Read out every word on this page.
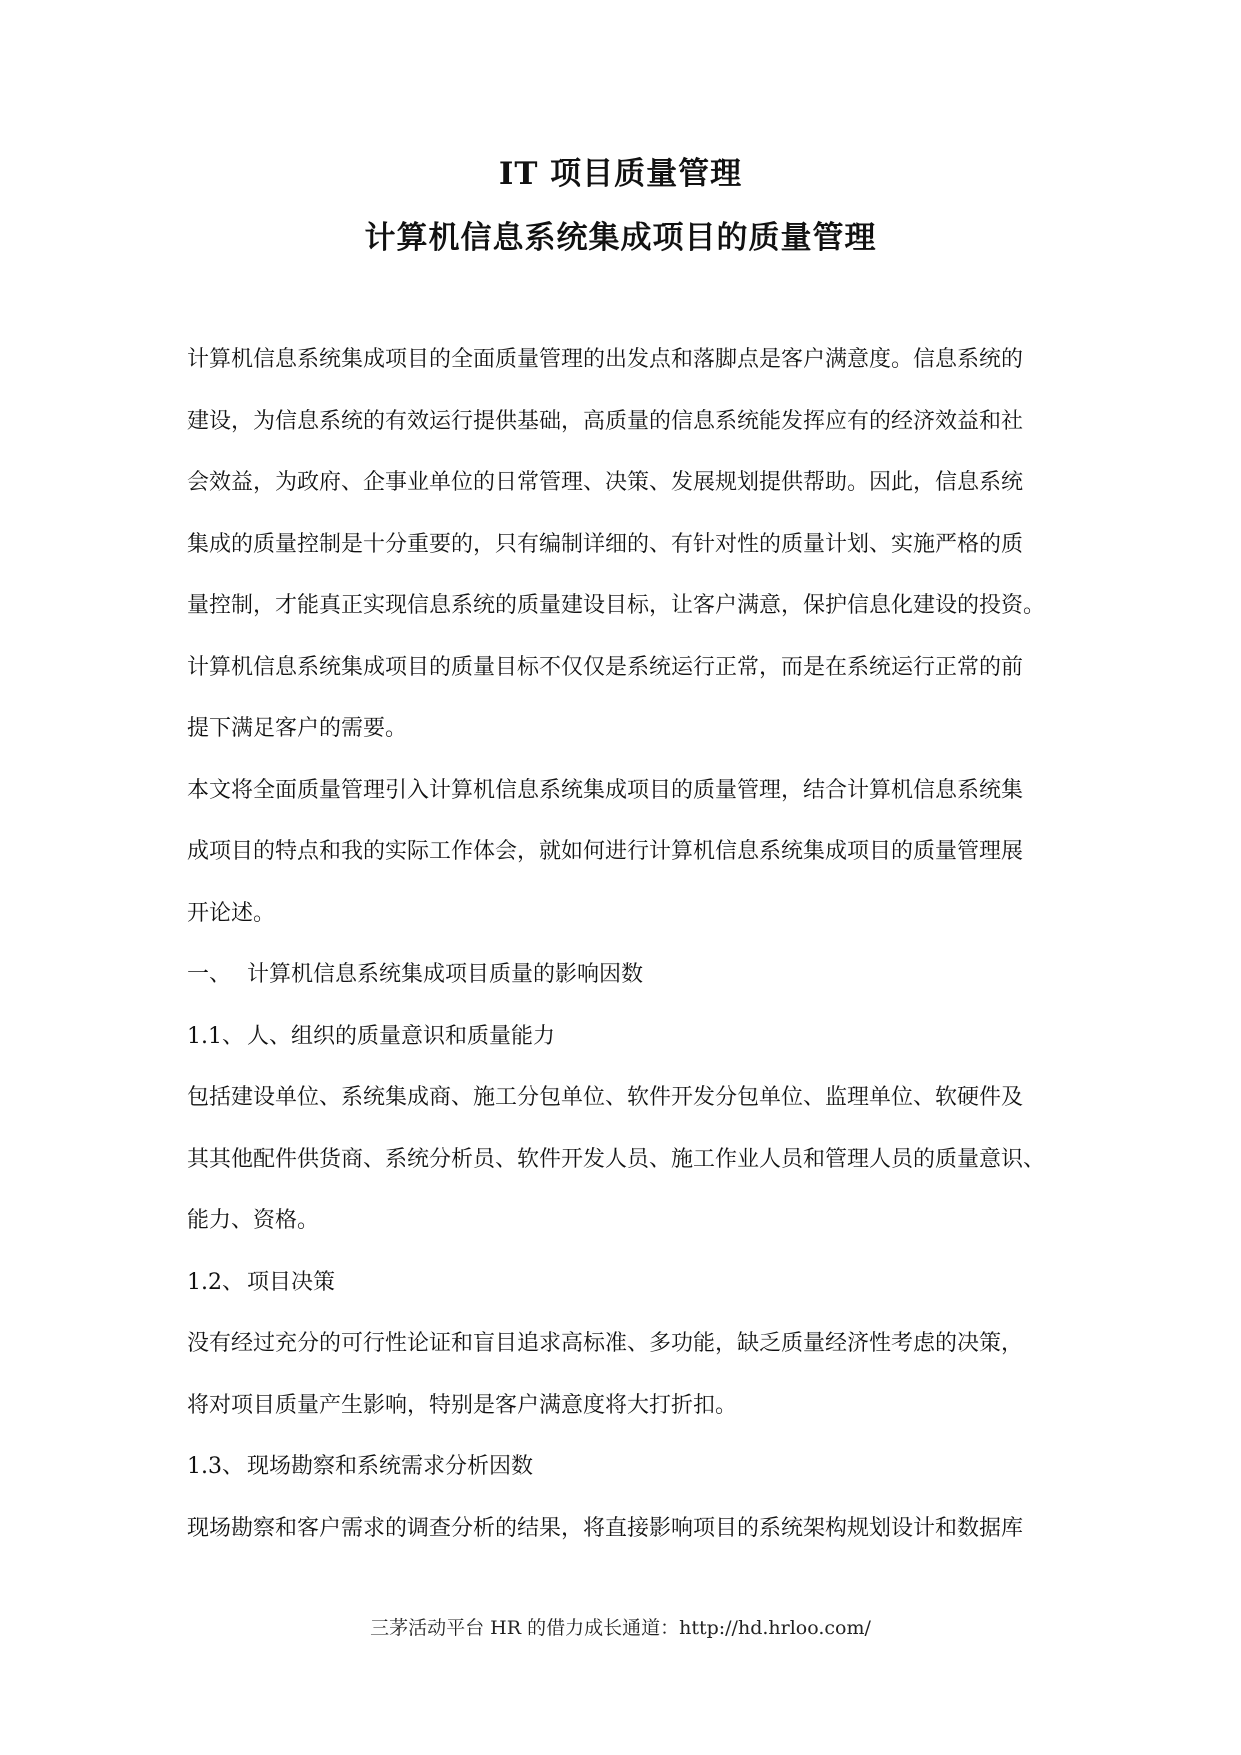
IT 项目质量管理
计算机信息系统集成项目的质量管理
计算机信息系统集成项目的全面质量管理的出发点和落脚点是客户满意度。信息系统的
建设，为信息系统的有效运行提供基础，高质量的信息系统能发挥应有的经济效益和社
会效益，为政府、企事业单位的日常管理、决策、发展规划提供帮助。因此，信息系统
集成的质量控制是十分重要的，只有编制详细的、有针对性的质量计划、实施严格的质
量控制，才能真正实现信息系统的质量建设目标，让客户满意，保护信息化建设的投资。
计算机信息系统集成项目的质量目标不仅仅是系统运行正常，而是在系统运行正常的前
提下满足客户的需要。
本文将全面质量管理引入计算机信息系统集成项目的质量管理，结合计算机信息系统集
成项目的特点和我的实际工作体会，就如何进行计算机信息系统集成项目的质量管理展
开论述。
一、 计算机信息系统集成项目质量的影响因数
1.1、 人、组织的质量意识和质量能力
包括建设单位、系统集成商、施工分包单位、软件开发分包单位、监理单位、软硬件及
其其他配件供货商、系统分析员、软件开发人员、施工作业人员和管理人员的质量意识、
能力、资格。
1.2、 项目决策
没有经过充分的可行性论证和盲目追求高标准、多功能，缺乏质量经济性考虑的决策，
将对项目质量产生影响，特别是客户满意度将大打折扣。
1.3、 现场勘察和系统需求分析因数
现场勘察和客户需求的调查分析的结果，将直接影响项目的系统架构规划设计和数据库
三茅活动平台 HR 的借力成长通道：http://hd.hrloo.com/
